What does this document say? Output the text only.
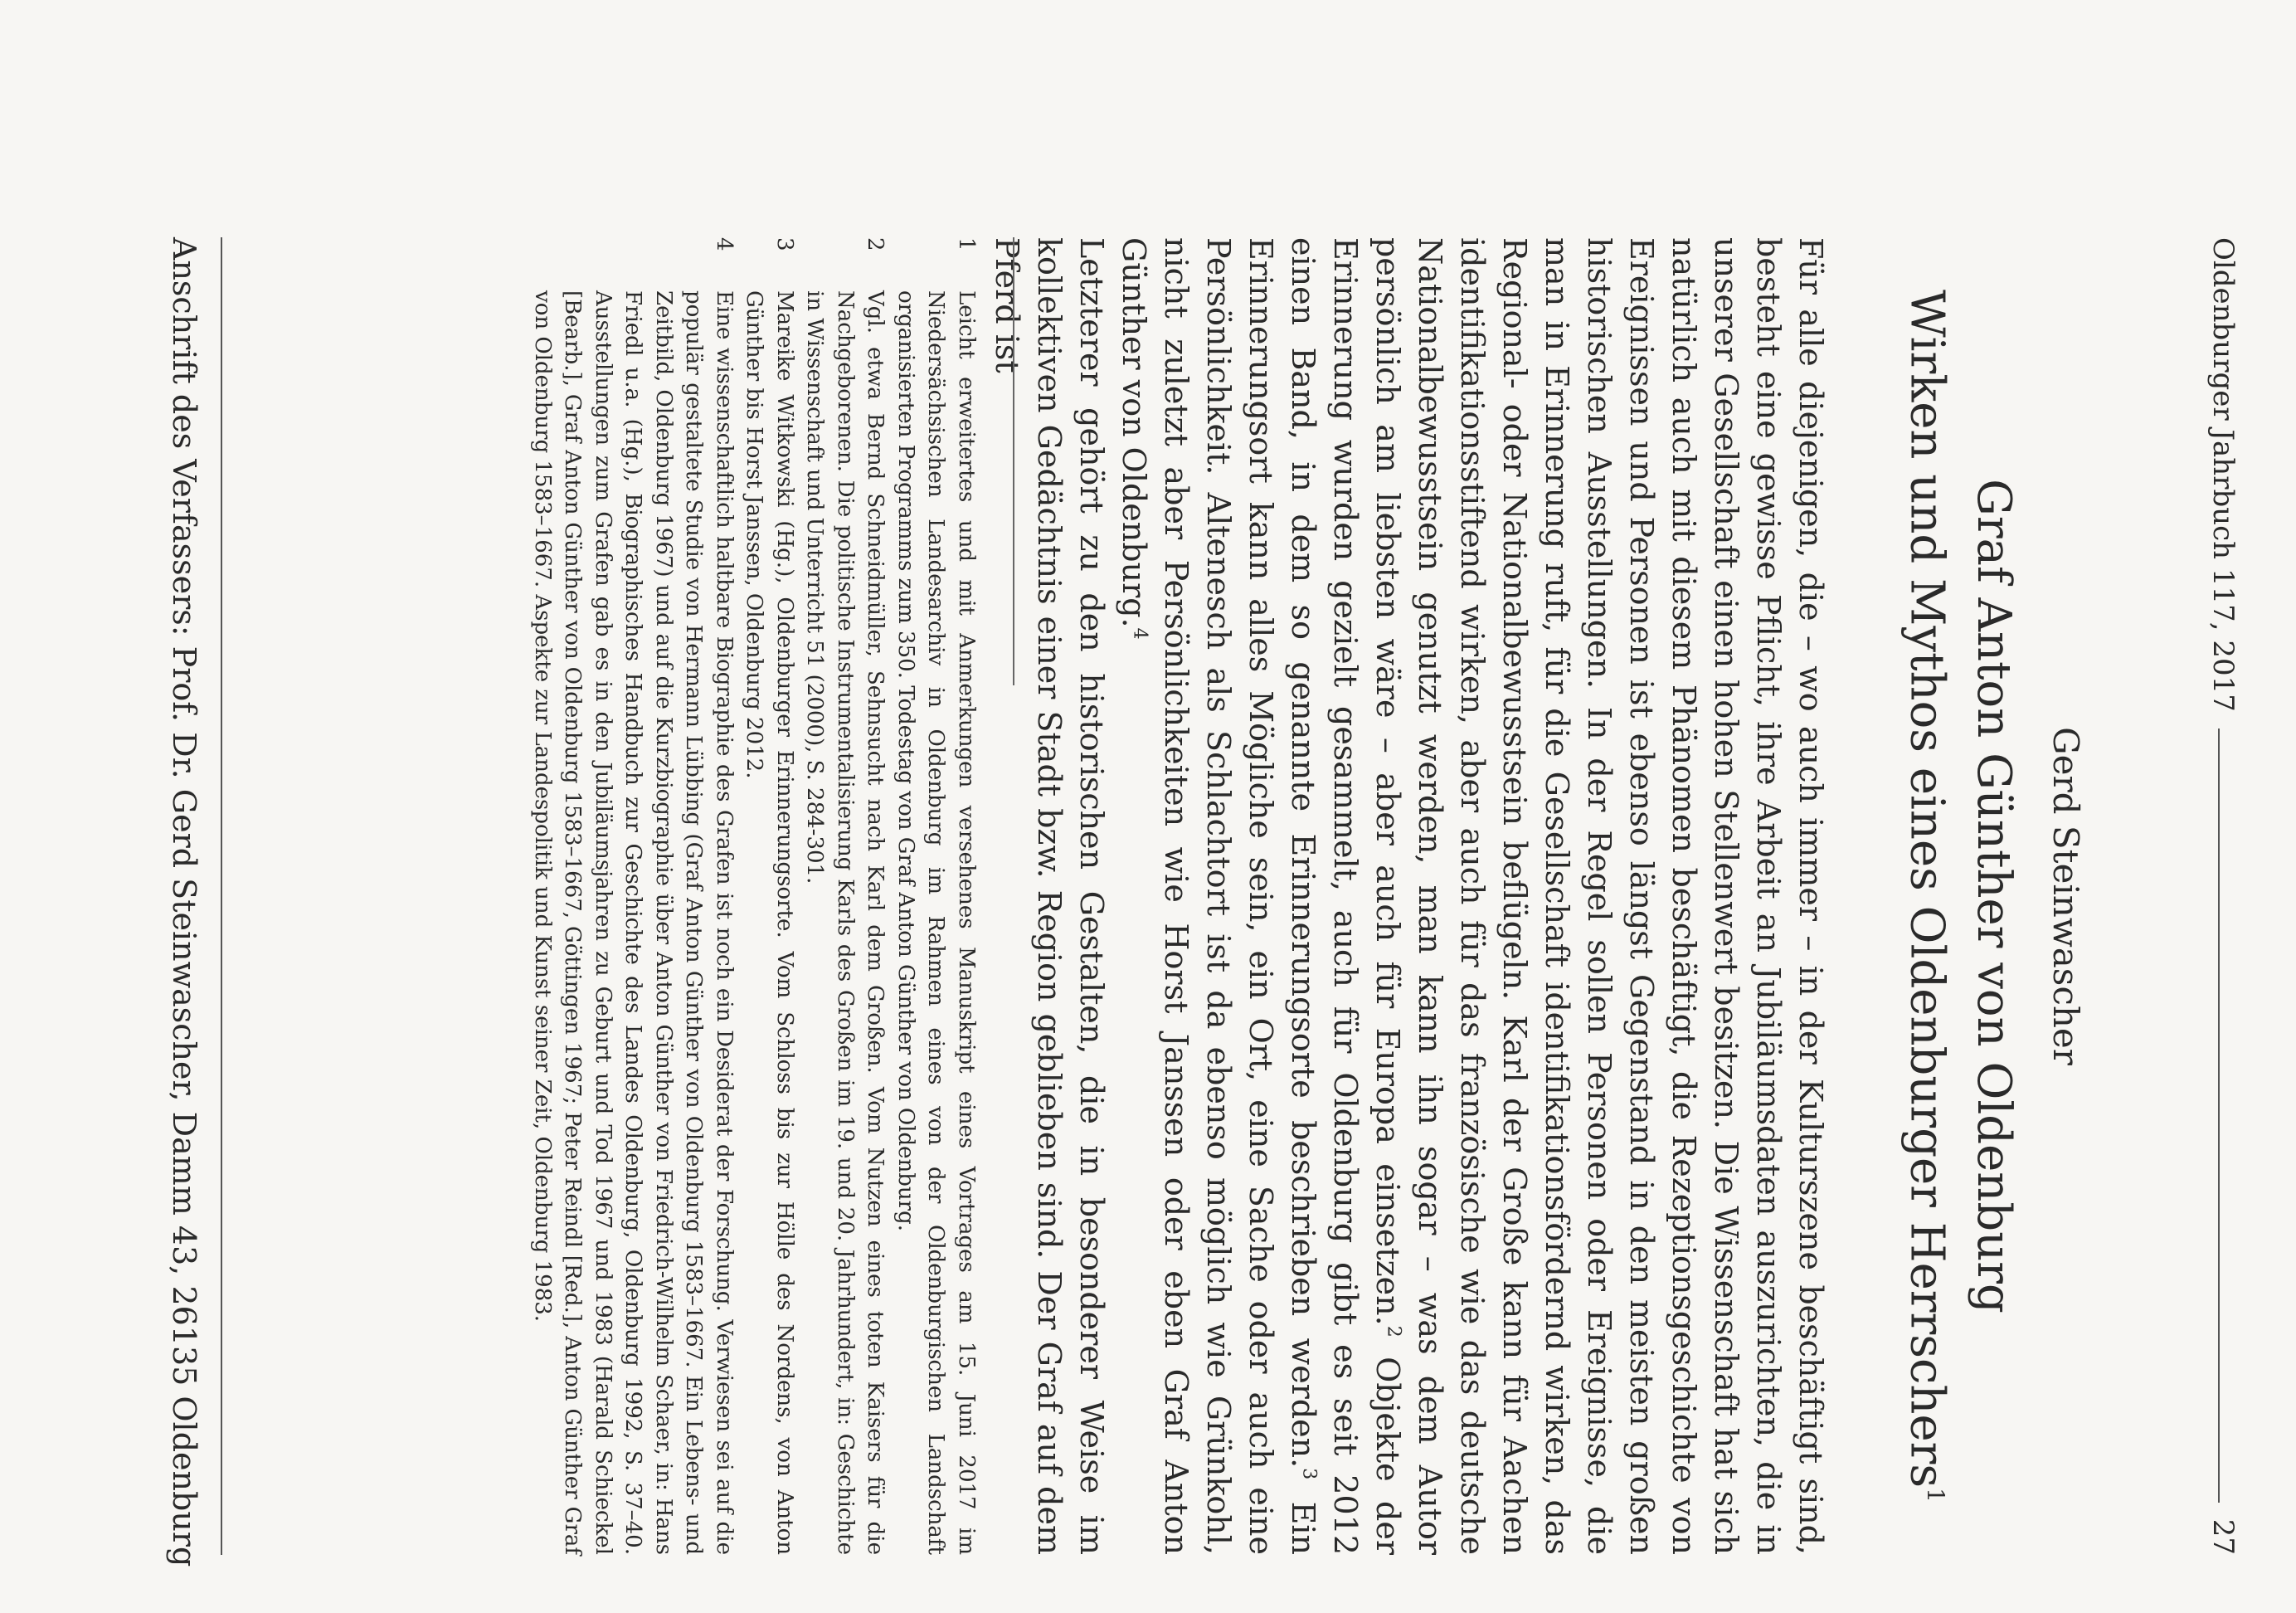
Oldenburger Jahrbuch 117, 2017
27
Gerd Steinwascher
Graf Anton Günther von Oldenburg
Wirken und Mythos eines Oldenburger Herrschers$^1$

Für alle diejenigen, die – wo auch immer – in der Kulturszene beschäftigt sind, besteht eine gewisse Pflicht, ihre Arbeit an Jubiläumsdaten auszurichten, die in unserer Gesellschaft einen hohen Stellenwert besitzen. Die Wissenschaft hat sich natürlich auch mit diesem Phänomen beschäftigt, die Rezeptionsgeschichte von Ereignissen und Personen ist ebenso längst Gegenstand in den meisten großen historischen Ausstellungen. In der Regel sollen Personen oder Ereignisse, die man in Erinnerung ruft, für die Gesellschaft identifikationsfördernd wirken, das Regional- oder Nationalbewusstsein beflügeln. Karl der Große kann für Aachen identifikationsstiftend wirken, aber auch für das französische wie das deutsche Nationalbewusstsein genutzt werden, man kann ihn sogar – was dem Autor persönlich am liebsten wäre – aber auch für Europa einsetzen.$^2$ Objekte der Erinnerung wurden gezielt gesammelt, auch für Oldenburg gibt es seit 2012 einen Band, in dem so genannte Erinnerungsorte beschrieben werden.$^3$ Ein Erinnerungsort kann alles Mögliche sein, ein Ort, eine Sache oder auch eine Persönlichkeit. Altenesch als Schlachtort ist da ebenso möglich wie Grünkohl, nicht zuletzt aber Persönlichkeiten wie Horst Janssen oder eben Graf Anton Günther von Oldenburg.$^4$

Letzterer gehört zu den historischen Gestalten, die in besonderer Weise im kollektiven Gedächtnis einer Stadt bzw. Region geblieben sind. Der Graf auf dem Pferd ist

1
Leicht erweitertes und mit Anmerkungen versehenes Manuskript eines Vortrages am 15. Juni 2017 im Niedersächsischen Landesarchiv in Oldenburg im Rahmen eines von der Oldenburgischen Landschaft organisierten Programms zum 350. Todestag von Graf Anton Günther von Oldenburg.
2
Vgl. etwa Bernd Schneidmüller, Sehnsucht nach Karl dem Großen. Vom Nutzen eines toten Kaisers für die Nachgeborenen. Die politische Instrumentalisierung Karls des Großen im 19. und 20. Jahrhundert, in: Geschichte in Wissenschaft und Unterricht 51 (2000), S. 284-301.
3
Mareike Witkowski (Hg.), Oldenburger Erinnerungsorte. Vom Schloss bis zur Hölle des Nordens, von Anton Günther bis Horst Janssen, Oldenburg 2012.
4
Eine wissenschaftlich haltbare Biographie des Grafen ist noch ein Desiderat der Forschung. Verwiesen sei auf die populär gestaltete Studie von Hermann Lübbing (Graf Anton Günther von Oldenburg 1583–1667. Ein Lebens- und Zeitbild, Oldenburg 1967) und auf die Kurzbiographie über Anton Günther von Friedrich-Wilhelm Schaer, in: Hans Friedl u.a. (Hg.), Biographisches Handbuch zur Geschichte des Landes Oldenburg, Oldenburg 1992, S. 37–40. Ausstellungen zum Grafen gab es in den Jubiläumsjahren zu Geburt und Tod 1967 und 1983 (Harald Schieckel [Bearb.], Graf Anton Günther von Oldenburg 1583–1667, Göttingen 1967; Peter Reindl [Red.], Anton Günther Graf von Oldenburg 1583–1667. Aspekte zur Landespolitik und Kunst seiner Zeit, Oldenburg 1983.
Anschrift des Verfassers: Prof. Dr. Gerd Steinwascher, Damm 43, 26135 Oldenburg
